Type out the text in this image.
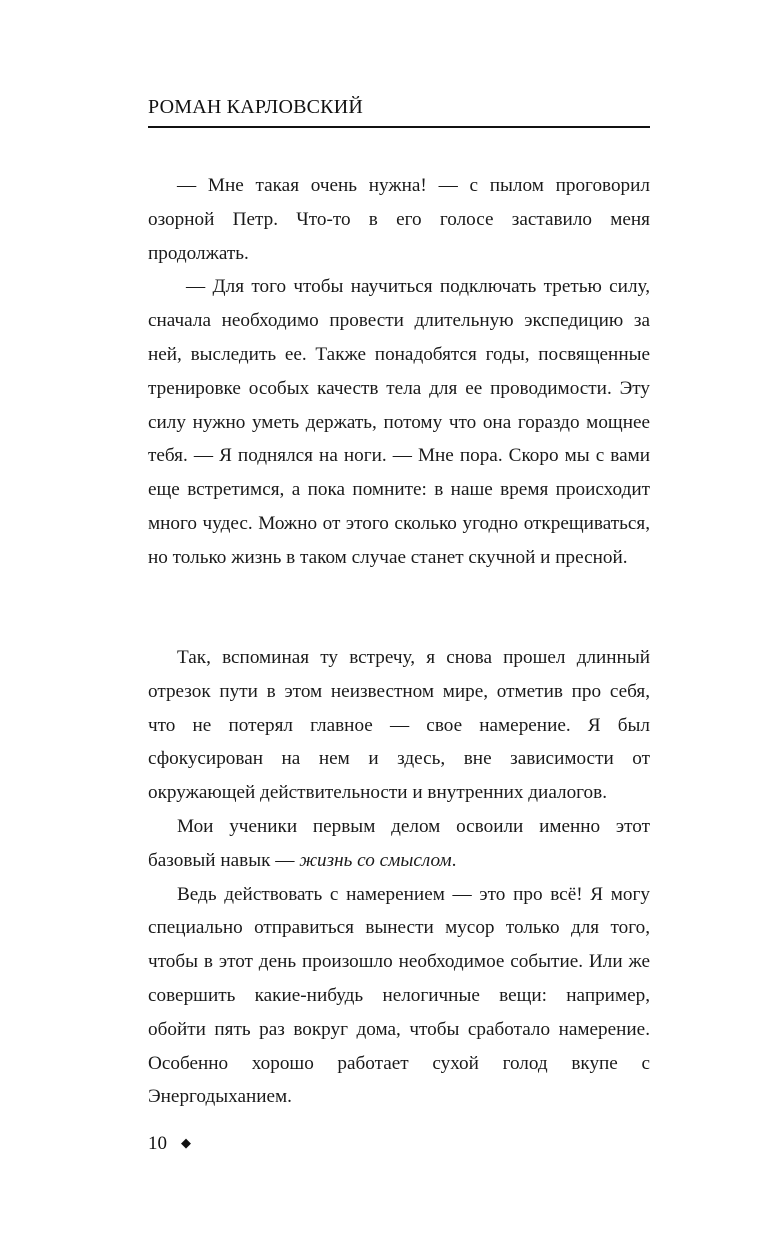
РОМАН КАРЛОВСКИЙ

— Мне такая очень нужна! — с пылом проговорил озорной Петр. Что-то в его голосе заставило меня продолжать.

— Для того чтобы научиться подключать третью силу, сначала необходимо провести длительную экспедицию за ней, выследить ее. Также понадобятся годы, посвященные тренировке особых качеств тела для ее проводимости. Эту силу нужно уметь держать, потому что она гораздо мощнее тебя. — Я поднялся на ноги. — Мне пора. Скоро мы с вами еще встретимся, а пока помните: в наше время происходит много чудес. Можно от этого сколько угодно открещиваться, но только жизнь в таком случае станет скучной и пресной.

Так, вспоминая ту встречу, я снова прошел длинный отрезок пути в этом неизвестном мире, отметив про себя, что не потерял главное — свое намерение. Я был сфокусирован на нем и здесь, вне зависимости от окружающей действительности и внутренних диалогов.

Мои ученики первым делом освоили именно этот базовый навык — жизнь со смыслом.

Ведь действовать с намерением — это про всё! Я могу специально отправиться вынести мусор только для того, чтобы в этот день произошло необходимое событие. Или же совершить какие-нибудь нелогичные вещи: например, обойти пять раз вокруг дома, чтобы сработало намерение. Особенно хорошо работает сухой голод вкупе с Энергодыханием.

10 ◆
